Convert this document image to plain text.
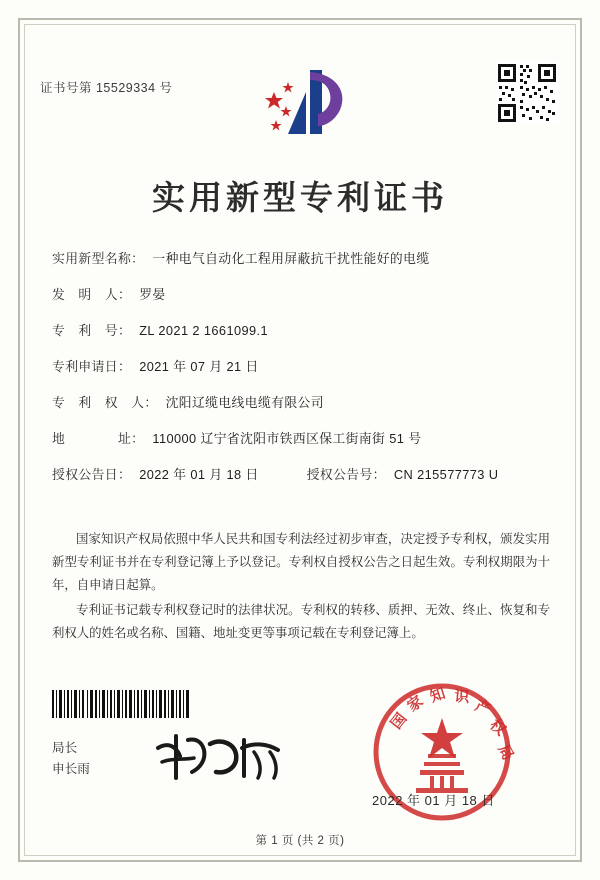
证书号第 15529334 号
实用新型专利证书
实用新型名称： 一种电气自动化工程用屏蔽抗干扰性能好的电缆
发　明　人： 罗晏
专　利　号： ZL 2021 2 1661099.1
专利申请日： 2021 年 07 月 21 日
专　利　权　人： 沈阳辽缆电线电缆有限公司
地　　　　址： 110000 辽宁省沈阳市铁西区保工街南街 51 号
授权公告日： 2022 年 01 月 18 日	授权公告号： CN 215577773 U

国家知识产权局依照中华人民共和国专利法经过初步审查，决定授予专利权，颁发实用新型专利证书并在专利登记簿上予以登记。专利权自授权公告之日起生效。专利权期限为十年，自申请日起算。

专利证书记载专利权登记时的法律状况。专利权的转移、质押、无效、终止、恢复和专利权人的姓名或名称、国籍、地址变更等事项记载在专利登记簿上。

局长
申长雨
国
家 知 识 产
权
局
2022 年 01 月 18 日
第 1 页 (共 2 页)
